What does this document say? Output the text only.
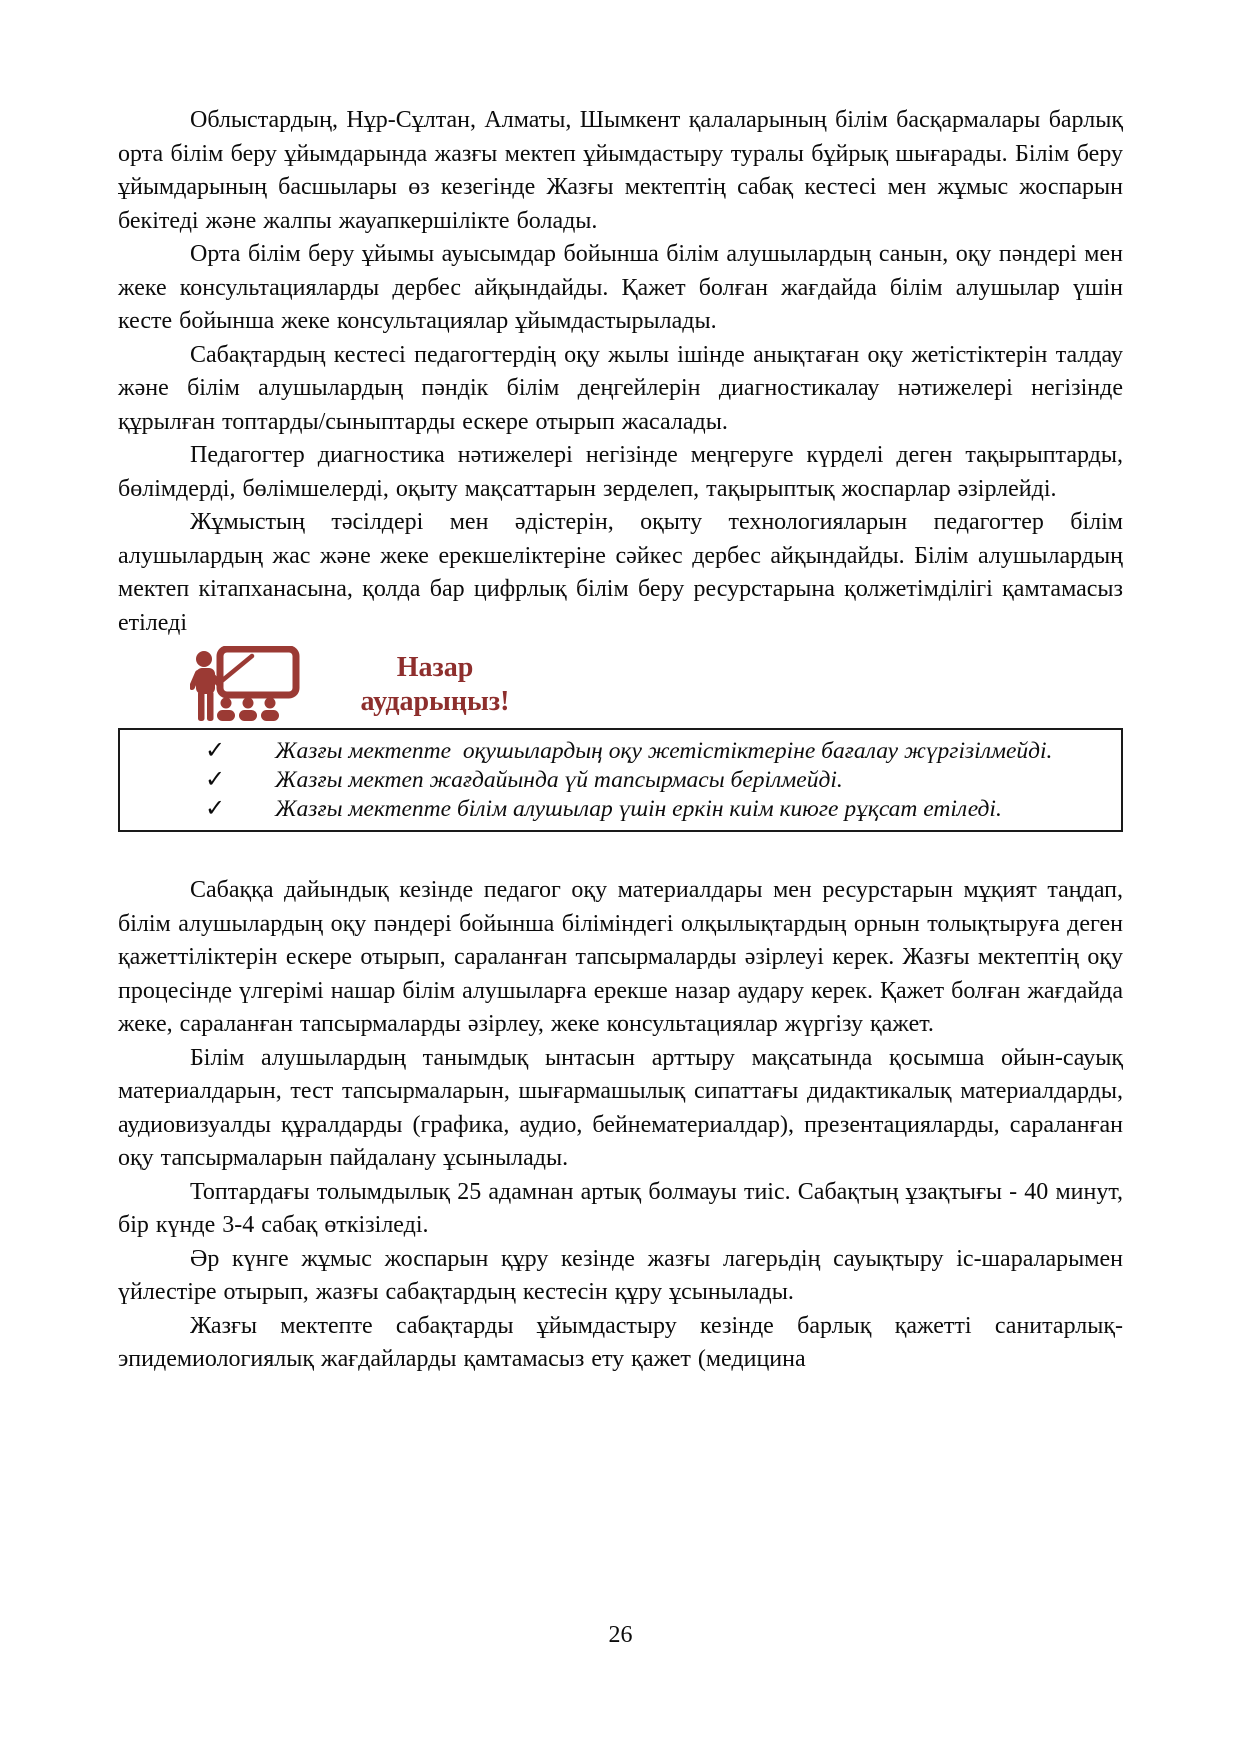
Облыстардың, Нұр-Сұлтан, Алматы, Шымкент қалаларының білім басқармалары барлық орта білім беру ұйымдарында жазғы мектеп ұйымдастыру туралы бұйрық шығарады. Білім беру ұйымдарының басшылары өз кезегінде Жазғы мектептің сабақ кестесі мен жұмыс жоспарын бекітеді және жалпы жауапкершілікте болады.

Орта білім беру ұйымы ауысымдар бойынша білім алушылардың санын, оқу пәндері мен жеке консультацияларды дербес айқындайды. Қажет болған жағдайда білім алушылар үшін кесте бойынша жеке консультациялар ұйымдастырылады.

Сабақтардың кестесі педагогтердің оқу жылы ішінде анықтаған оқу жетістіктерін талдау және білім алушылардың пәндік білім деңгейлерін диагностикалау нәтижелері негізінде құрылған топтарды/сыныптарды ескере отырып жасалады.

Педагогтер диагностика нәтижелері негізінде меңгеруге күрделі деген тақырыптарды, бөлімдерді, бөлімшелерді, оқыту мақсаттарын зерделеп, тақырыптық жоспарлар әзірлейді.

Жұмыстың тәсілдері мен әдістерін, оқыту технологияларын педагогтер білім алушылардың жас және жеке ерекшеліктеріне сәйкес дербес айқындайды. Білім алушылардың мектеп кітапханасына, қолда бар цифрлық білім беру ресурстарына қолжетімділігі қамтамасыз етіледі

Назар аударыңыз!
✓	Жазғы мектепте  оқушылардың оқу жетістіктеріне бағалау жүргізілмейді.
✓	Жазғы мектеп жағдайында үй тапсырмасы берілмейді.
✓	Жазғы мектепте білім алушылар үшін еркін киім киюге рұқсат етіледі.

Сабаққа дайындық кезінде педагог оқу материалдары мен ресурстарын мұқият таңдап, білім алушылардың оқу пәндері бойынша біліміндегі олқылықтардың орнын толықтыруға деген қажеттіліктерін ескере отырып, сараланған тапсырмаларды әзірлеуі керек. Жазғы мектептің оқу процесінде үлгерімі нашар білім алушыларға ерекше назар аудару керек. Қажет болған жағдайда жеке, сараланған тапсырмаларды әзірлеу, жеке консультациялар жүргізу қажет.

Білім алушылардың танымдық ынтасын арттыру мақсатында қосымша ойын-сауық материалдарын, тест тапсырмаларын, шығармашылық сипаттағы дидактикалық материалдарды, аудиовизуалды құралдарды (графика, аудио, бейнематериалдар), презентацияларды, сараланған оқу тапсырмаларын пайдалану ұсынылады.

Топтардағы толымдылық 25 адамнан артық болмауы тиіс. Сабақтың ұзақтығы - 40 минут, бір күнде 3-4 сабақ өткізіледі.

Әр күнге жұмыс жоспарын құру кезінде жазғы лагерьдің сауықтыру іс-шараларымен үйлестіре отырып, жазғы сабақтардың кестесін құру ұсынылады.

Жазғы мектепте сабақтарды ұйымдастыру кезінде барлық қажетті санитарлық-эпидемиологиялық жағдайларды қамтамасыз ету қажет (медицина

26
